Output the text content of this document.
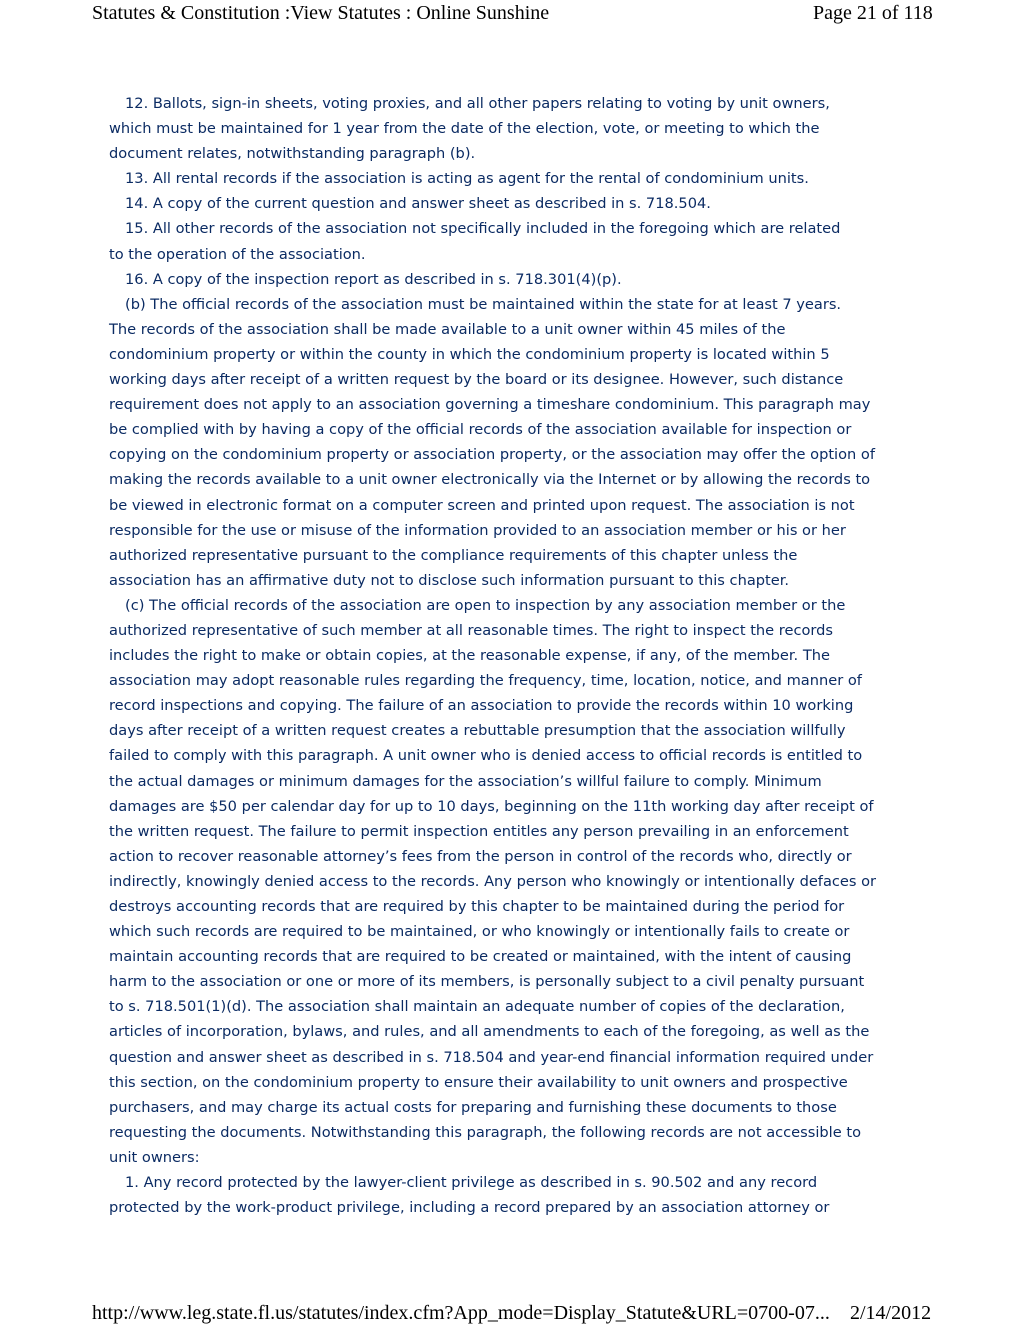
Statutes & Constitution :View Statutes : Online Sunshine	Page 21 of 118
12. Ballots, sign-in sheets, voting proxies, and all other papers relating to voting by unit owners,
which must be maintained for 1 year from the date of the election, vote, or meeting to which the
document relates, notwithstanding paragraph (b).
13. All rental records if the association is acting as agent for the rental of condominium units.
14. A copy of the current question and answer sheet as described in s. 718.504.
15. All other records of the association not specifically included in the foregoing which are related
to the operation of the association.
16. A copy of the inspection report as described in s. 718.301(4)(p).
(b) The official records of the association must be maintained within the state for at least 7 years.
The records of the association shall be made available to a unit owner within 45 miles of the
condominium property or within the county in which the condominium property is located within 5
working days after receipt of a written request by the board or its designee. However, such distance
requirement does not apply to an association governing a timeshare condominium. This paragraph may
be complied with by having a copy of the official records of the association available for inspection or
copying on the condominium property or association property, or the association may offer the option of
making the records available to a unit owner electronically via the Internet or by allowing the records to
be viewed in electronic format on a computer screen and printed upon request. The association is not
responsible for the use or misuse of the information provided to an association member or his or her
authorized representative pursuant to the compliance requirements of this chapter unless the
association has an affirmative duty not to disclose such information pursuant to this chapter.
(c) The official records of the association are open to inspection by any association member or the
authorized representative of such member at all reasonable times. The right to inspect the records
includes the right to make or obtain copies, at the reasonable expense, if any, of the member. The
association may adopt reasonable rules regarding the frequency, time, location, notice, and manner of
record inspections and copying. The failure of an association to provide the records within 10 working
days after receipt of a written request creates a rebuttable presumption that the association willfully
failed to comply with this paragraph. A unit owner who is denied access to official records is entitled to
the actual damages or minimum damages for the association’s willful failure to comply. Minimum
damages are $50 per calendar day for up to 10 days, beginning on the 11th working day after receipt of
the written request. The failure to permit inspection entitles any person prevailing in an enforcement
action to recover reasonable attorney’s fees from the person in control of the records who, directly or
indirectly, knowingly denied access to the records. Any person who knowingly or intentionally defaces or
destroys accounting records that are required by this chapter to be maintained during the period for
which such records are required to be maintained, or who knowingly or intentionally fails to create or
maintain accounting records that are required to be created or maintained, with the intent of causing
harm to the association or one or more of its members, is personally subject to a civil penalty pursuant
to s. 718.501(1)(d). The association shall maintain an adequate number of copies of the declaration,
articles of incorporation, bylaws, and rules, and all amendments to each of the foregoing, as well as the
question and answer sheet as described in s. 718.504 and year-end financial information required under
this section, on the condominium property to ensure their availability to unit owners and prospective
purchasers, and may charge its actual costs for preparing and furnishing these documents to those
requesting the documents. Notwithstanding this paragraph, the following records are not accessible to
unit owners:
1. Any record protected by the lawyer-client privilege as described in s. 90.502 and any record
protected by the work-product privilege, including a record prepared by an association attorney or
http://www.leg.state.fl.us/statutes/index.cfm?App_mode=Display_Statute&URL=0700-07... 2/14/2012
